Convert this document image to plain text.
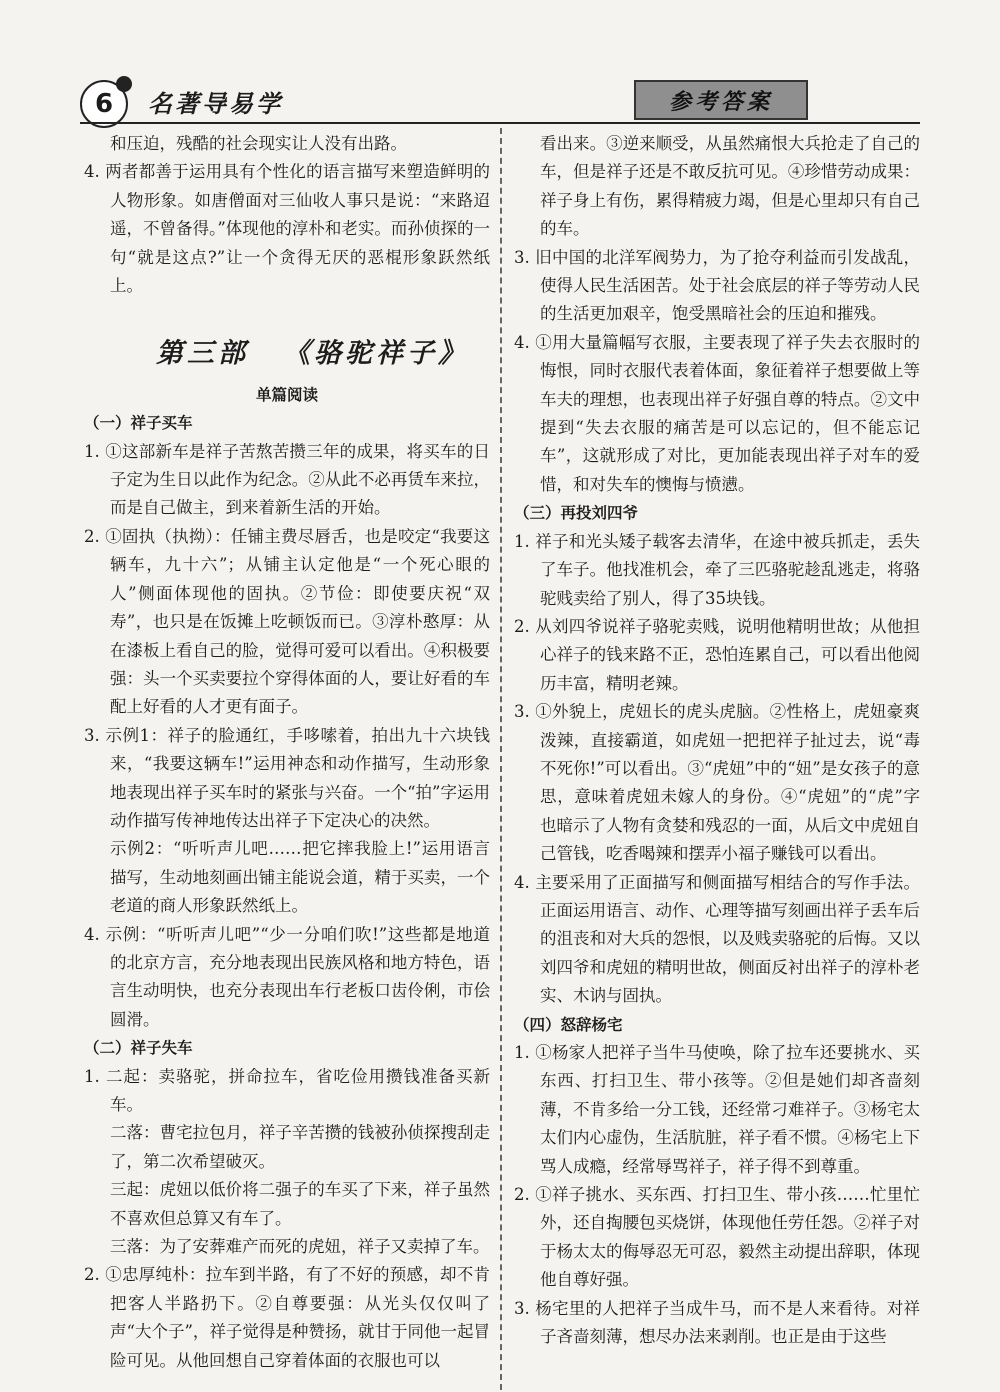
6	名著导易学	参考答案

和压迫，残酷的社会现实让人没有出路。

4. 两者都善于运用具有个性化的语言描写来塑造鲜明的人物形象。如唐僧面对三仙收人事只是说：“来路迢遥，不曾备得。”体现他的淳朴和老实。而孙侦探的一句“就是这点?”让一个贪得无厌的恶棍形象跃然纸上。

第三部 《骆驼祥子》

单篇阅读

（一）祥子买车

1. ①这部新车是祥子苦熬苦攒三年的成果，将买车的日子定为生日以此作为纪念。②从此不必再赁车来拉，而是自己做主，到来着新生活的开始。

2. ①固执（执拗）：任铺主费尽唇舌，也是咬定“我要这辆车，九十六”；从铺主认定他是“一个死心眼的人”侧面体现他的固执。②节俭：即使要庆祝“双寿”，也只是在饭摊上吃顿饭而已。③淳朴憨厚：从在漆板上看自己的脸，觉得可爱可以看出。④积极要强：头一个买卖要拉个穿得体面的人，要让好看的车配上好看的人才更有面子。

3. 示例1：祥子的脸通红，手哆嗦着，拍出九十六块钱来，“我要这辆车!”运用神态和动作描写，生动形象地表现出祥子买车时的紧张与兴奋。一个“拍”字运用动作描写传神地传达出祥子下定决心的决然。

示例2：“听听声儿吧……把它摔我脸上!”运用语言描写，生动地刻画出铺主能说会道，精于买卖，一个老道的商人形象跃然纸上。

4. 示例：“听听声儿吧”“少一分咱们吹!”这些都是地道的北京方言，充分地表现出民族风格和地方特色，语言生动明快，也充分表现出车行老板口齿伶俐，市侩圆滑。

（二）祥子失车

1. 二起：卖骆驼，拼命拉车，省吃俭用攒钱准备买新车。

二落：曹宅拉包月，祥子辛苦攒的钱被孙侦探搜刮走了，第二次希望破灭。

三起：虎妞以低价将二强子的车买了下来，祥子虽然不喜欢但总算又有车了。

三落：为了安葬难产而死的虎妞，祥子又卖掉了车。

2. ①忠厚纯朴：拉车到半路，有了不好的预感，却不肯把客人半路扔下。②自尊要强：从光头仅仅叫了声“大个子”，祥子觉得是种赞扬，就甘于同他一起冒险可见。从他回想自己穿着体面的衣服也可以

看出来。③逆来顺受，从虽然痛恨大兵抢走了自己的车，但是祥子还是不敢反抗可见。④珍惜劳动成果：祥子身上有伤，累得精疲力竭，但是心里却只有自己的车。

3. 旧中国的北洋军阀势力，为了抢夺利益而引发战乱，使得人民生活困苦。处于社会底层的祥子等劳动人民的生活更加艰辛，饱受黑暗社会的压迫和摧残。

4. ①用大量篇幅写衣服，主要表现了祥子失去衣服时的悔恨，同时衣服代表着体面，象征着祥子想要做上等车夫的理想，也表现出祥子好强自尊的特点。②文中提到“失去衣服的痛苦是可以忘记的，但不能忘记车”，这就形成了对比，更加能表现出祥子对车的爱惜，和对失车的懊悔与愤懑。

（三）再投刘四爷

1. 祥子和光头矮子载客去清华，在途中被兵抓走，丢失了车子。他找准机会，牵了三匹骆驼趁乱逃走，将骆驼贱卖给了别人，得了35块钱。

2. 从刘四爷说祥子骆驼卖贱，说明他精明世故；从他担心祥子的钱来路不正，恐怕连累自己，可以看出他阅历丰富，精明老辣。

3. ①外貌上，虎妞长的虎头虎脑。②性格上，虎妞豪爽泼辣，直接霸道，如虎妞一把把祥子扯过去，说“毒不死你!”可以看出。③“虎妞”中的“妞”是女孩子的意思，意味着虎妞未嫁人的身份。④“虎妞”的“虎”字也暗示了人物有贪婪和残忍的一面，从后文中虎妞自己管钱，吃香喝辣和摆弄小福子赚钱可以看出。

4. 主要采用了正面描写和侧面描写相结合的写作手法。正面运用语言、动作、心理等描写刻画出祥子丢车后的沮丧和对大兵的怨恨，以及贱卖骆驼的后悔。又以刘四爷和虎妞的精明世故，侧面反衬出祥子的淳朴老实、木讷与固执。

（四）怒辞杨宅

1. ①杨家人把祥子当牛马使唤，除了拉车还要挑水、买东西、打扫卫生、带小孩等。②但是她们却吝啬刻薄，不肯多给一分工钱，还经常刁难祥子。③杨宅太太们内心虚伪，生活肮脏，祥子看不惯。④杨宅上下骂人成瘾，经常辱骂祥子，祥子得不到尊重。

2. ①祥子挑水、买东西、打扫卫生、带小孩……忙里忙外，还自掏腰包买烧饼，体现他任劳任怨。②祥子对于杨太太的侮辱忍无可忍，毅然主动提出辞职，体现他自尊好强。

3. 杨宅里的人把祥子当成牛马，而不是人来看待。对祥子吝啬刻薄，想尽办法来剥削。也正是由于这些
